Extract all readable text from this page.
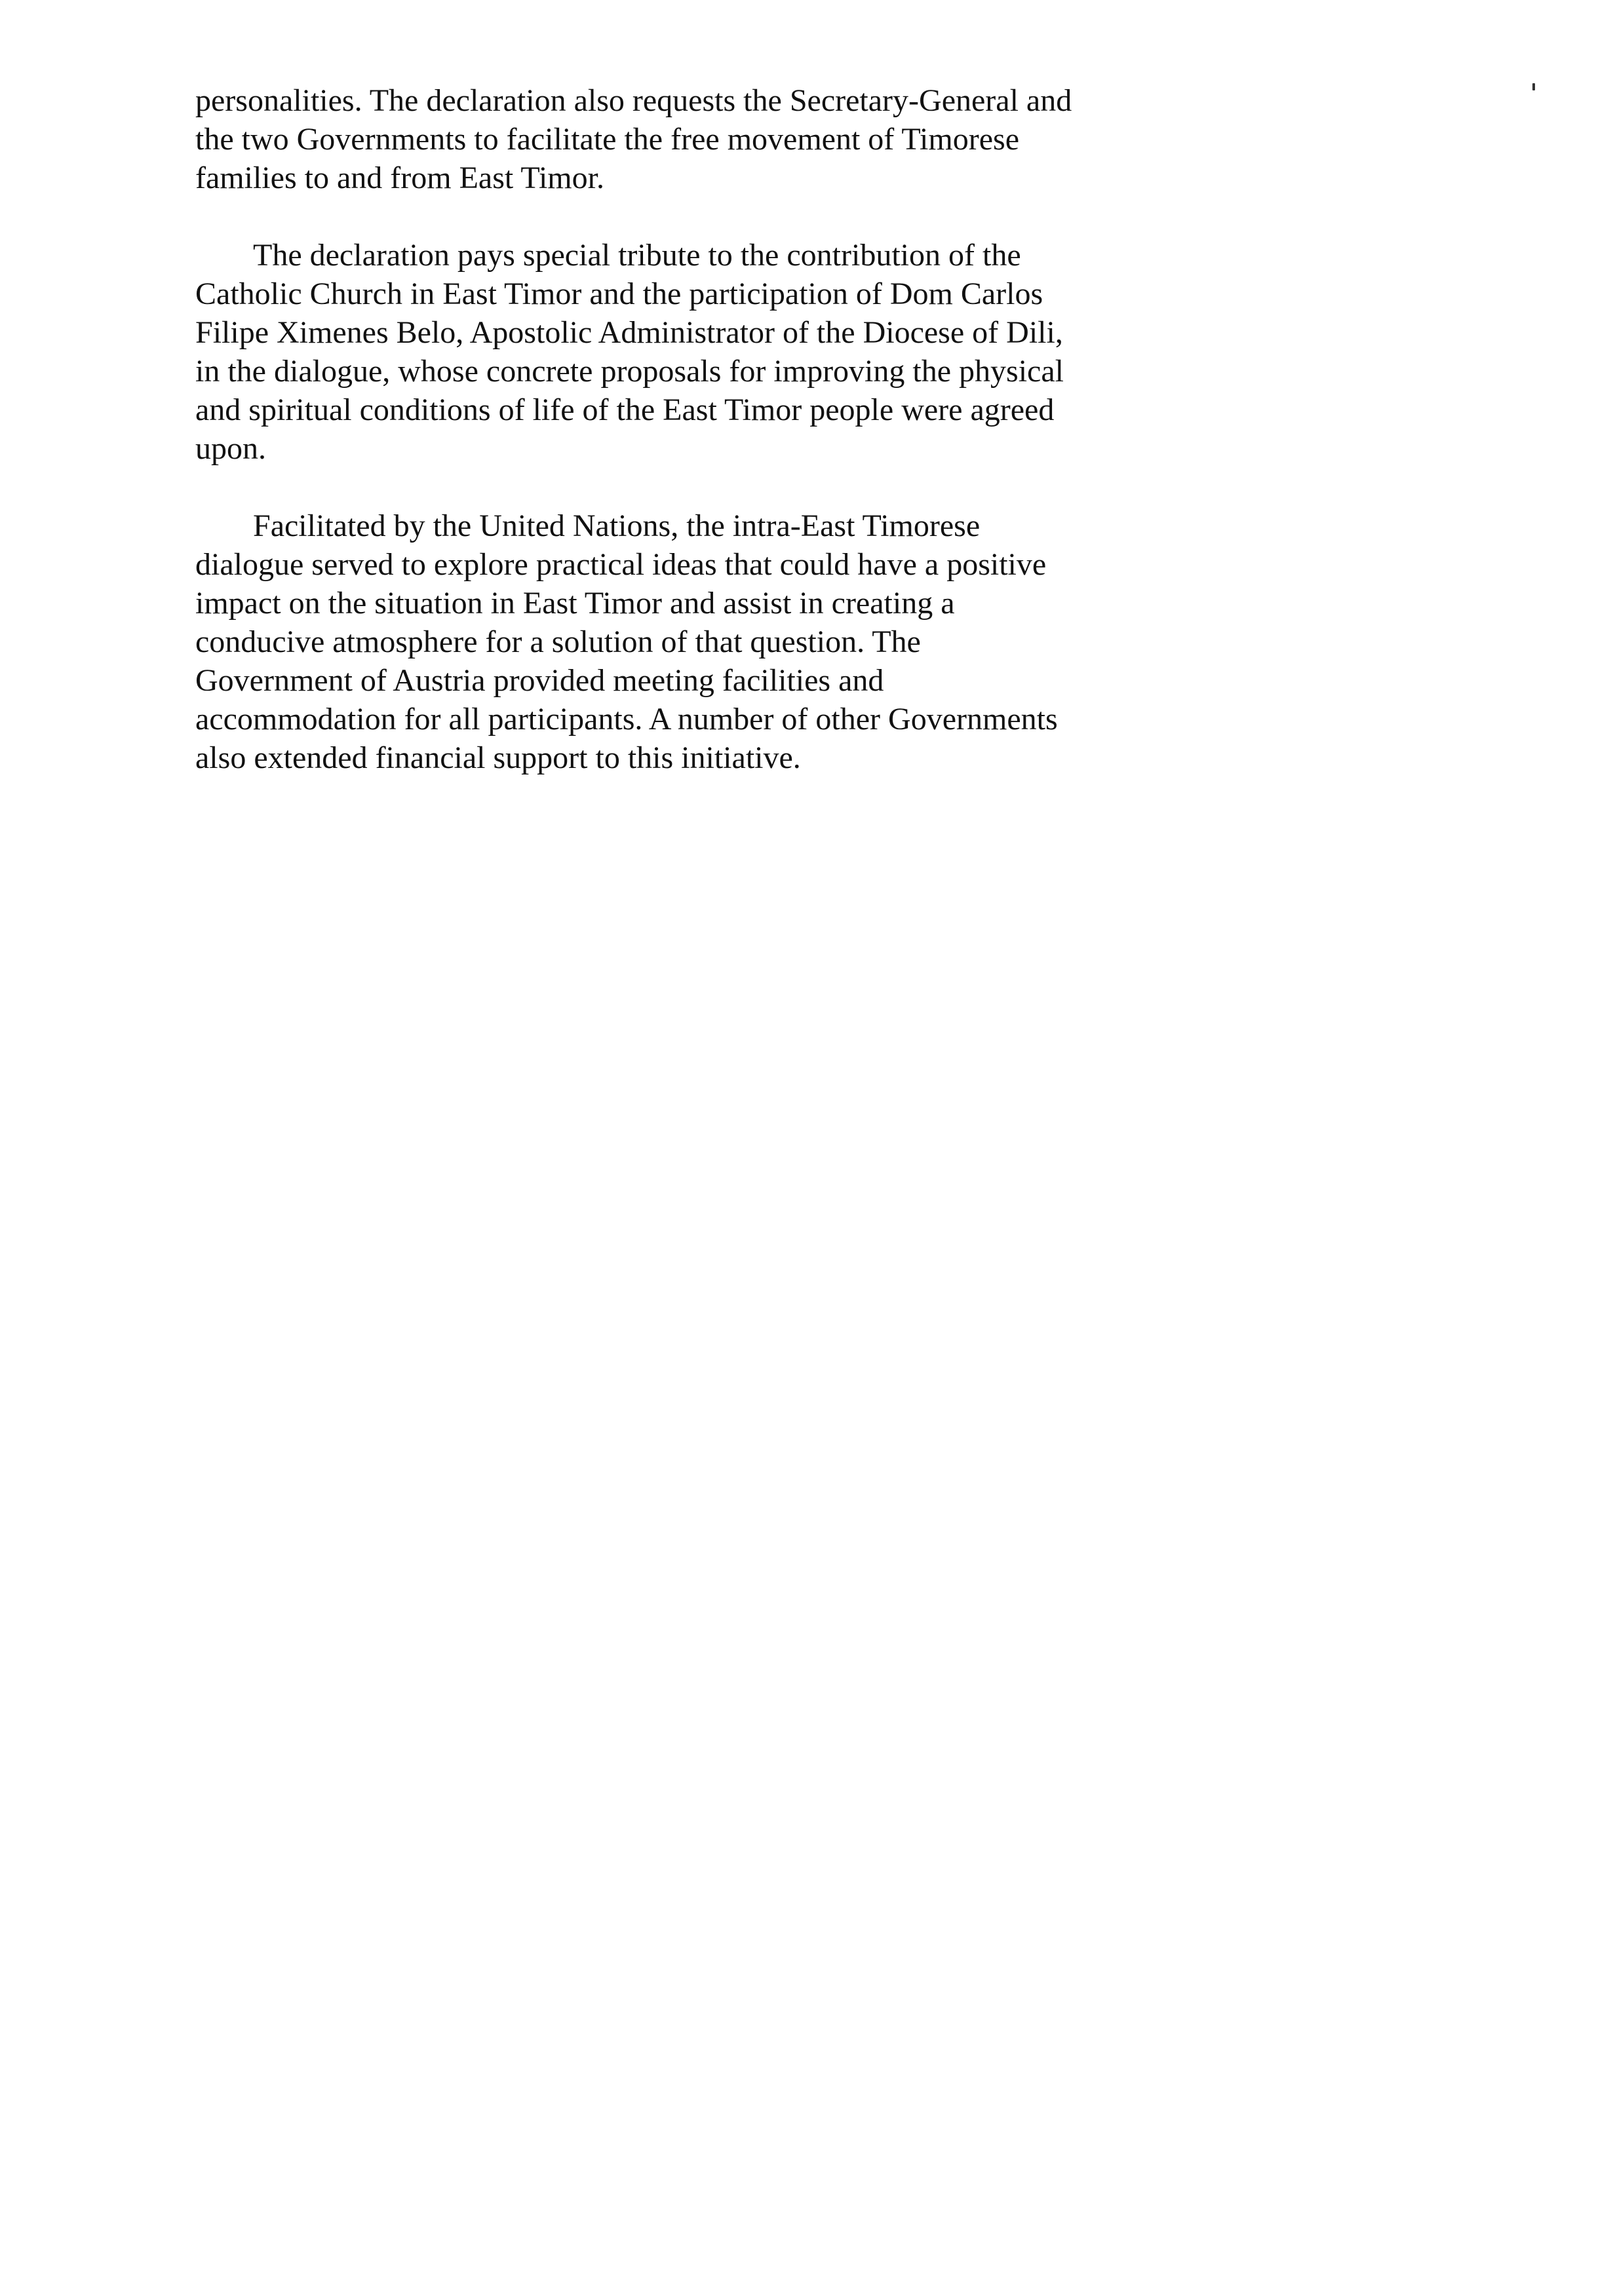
personalities. The declaration also requests the Secretary-General and
the two Governments to facilitate the free movement of Timorese
families to and from East Timor.

The declaration pays special tribute to the contribution of the
Catholic Church in East Timor and the participation of Dom Carlos
Filipe Ximenes Belo, Apostolic Administrator of the Diocese of Dili,
in the dialogue, whose concrete proposals for improving the physical
and spiritual conditions of life of the East Timor people were agreed
upon.

Facilitated by the United Nations, the intra-East Timorese
dialogue served to explore practical ideas that could have a positive
impact on the situation in East Timor and assist in creating a
conducive atmosphere for a solution of that question. The
Government of Austria provided meeting facilities and
accommodation for all participants. A number of other Governments
also extended financial support to this initiative.
